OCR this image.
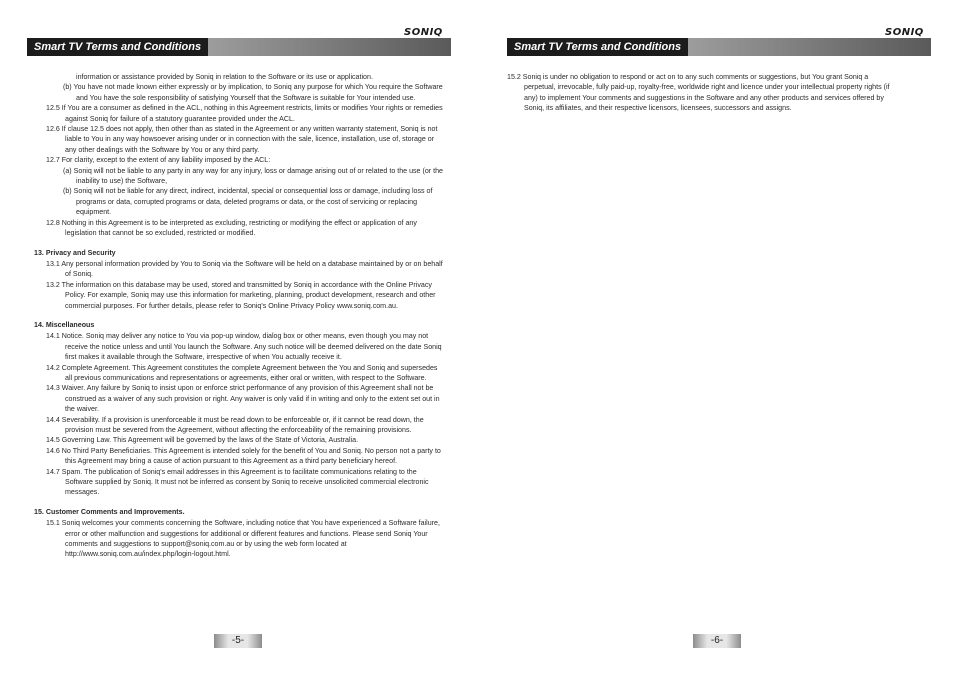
SONIQ
Smart TV Terms and Conditions

information or assistance provided by Soniq in relation to the Software or its use or application.

(b) You have not made known either expressly or by implication, to Soniq any purpose for which You require the Software and You have the sole responsibility of satisfying Yourself that the Software is suitable for Your intended use.

12.5 If You are a consumer as defined in the ACL, nothing in this Agreement restricts, limits or modifies Your rights or remedies against Soniq for failure of a statutory guarantee provided under the ACL.

12.6 If clause 12.5 does not apply, then other than as stated in the Agreement or any written warranty statement, Soniq is not liable to You in any way howsoever arising under or in connection with the sale, licence, installation, use of, storage or any other dealings with the Software by You or any third party.

12.7 For clarity, except to the extent of any liability imposed by the ACL:

(a) Soniq will not be liable to any party in any way for any injury, loss or damage arising out of or related to the use (or the inability to use) the Software,

(b) Soniq will not be liable for any direct, indirect, incidental, special or consequential loss or damage, including loss of programs or data, corrupted programs or data, deleted programs or data, or the cost of servicing or replacing equipment.

12.8 Nothing in this Agreement is to be interpreted as excluding, restricting or modifying the effect or application of any legislation that cannot be so excluded, restricted or modified.

13. Privacy and Security

13.1 Any personal information provided by You to Soniq via the Software will be held on a database maintained by or on behalf of Soniq.

13.2 The information on this database may be used, stored and transmitted by Soniq in accordance with the Online Privacy Policy. For example, Soniq may use this information for marketing, planning, product development, research and other commercial purposes. For further details, please refer to Soniq's Online Privacy Policy www.soniq.com.au.

14. Miscellaneous

14.1 Notice. Soniq may deliver any notice to You via pop-up window, dialog box or other means, even though you may not receive the notice unless and until You launch the Software. Any such notice will be deemed delivered on the date Soniq first makes it available through the Software, irrespective of when You actually receive it.

14.2 Complete Agreement. This Agreement constitutes the complete Agreement between the You and Soniq and supersedes all previous communications and representations or agreements, either oral or written, with respect to the Software.

14.3 Waiver. Any failure by Soniq to insist upon or enforce strict performance of any provision of this Agreement shall not be construed as a waiver of any such provision or right. Any waiver is only valid if in writing and only to the extent set out in the waiver.

14.4 Severability. If a provision is unenforceable it must be read down to be enforceable or, if it cannot be read down, the provision must be severed from the Agreement, without affecting the enforceability of the remaining provisions.

14.5 Governing Law. This Agreement will be governed by the laws of the State of Victoria, Australia.

14.6 No Third Party Beneficiaries. This Agreement is intended solely for the benefit of You and Soniq. No person not a party to this Agreement may bring a cause of action pursuant to this Agreement as a third party beneficiary hereof.

14.7 Spam. The publication of Soniq's email addresses in this Agreement is to facilitate communications relating to the Software supplied by Soniq. It must not be inferred as consent by Soniq to receive unsolicited commercial electronic messages.

15. Customer Comments and Improvements.

15.1 Soniq welcomes your comments concerning the Software, including notice that You have experienced a Software failure, error or other malfunction and suggestions for additional or different features and functions. Please send Soniq Your comments and suggestions to support@soniq.com.au or by using the web form located at http://www.soniq.com.au/index.php/login-logout.html.

-5-
SONIQ
Smart TV Terms and Conditions

15.2 Soniq is under no obligation to respond or act on to any such comments or suggestions, but You grant Soniq a perpetual, irrevocable, fully paid-up, royalty-free, worldwide right and licence under your intellectual property rights (if any) to implement Your comments and suggestions in the Software and any other products and services offered by Soniq, its affiliates, and their respective licensors, licensees, successors and assigns.

-6-
